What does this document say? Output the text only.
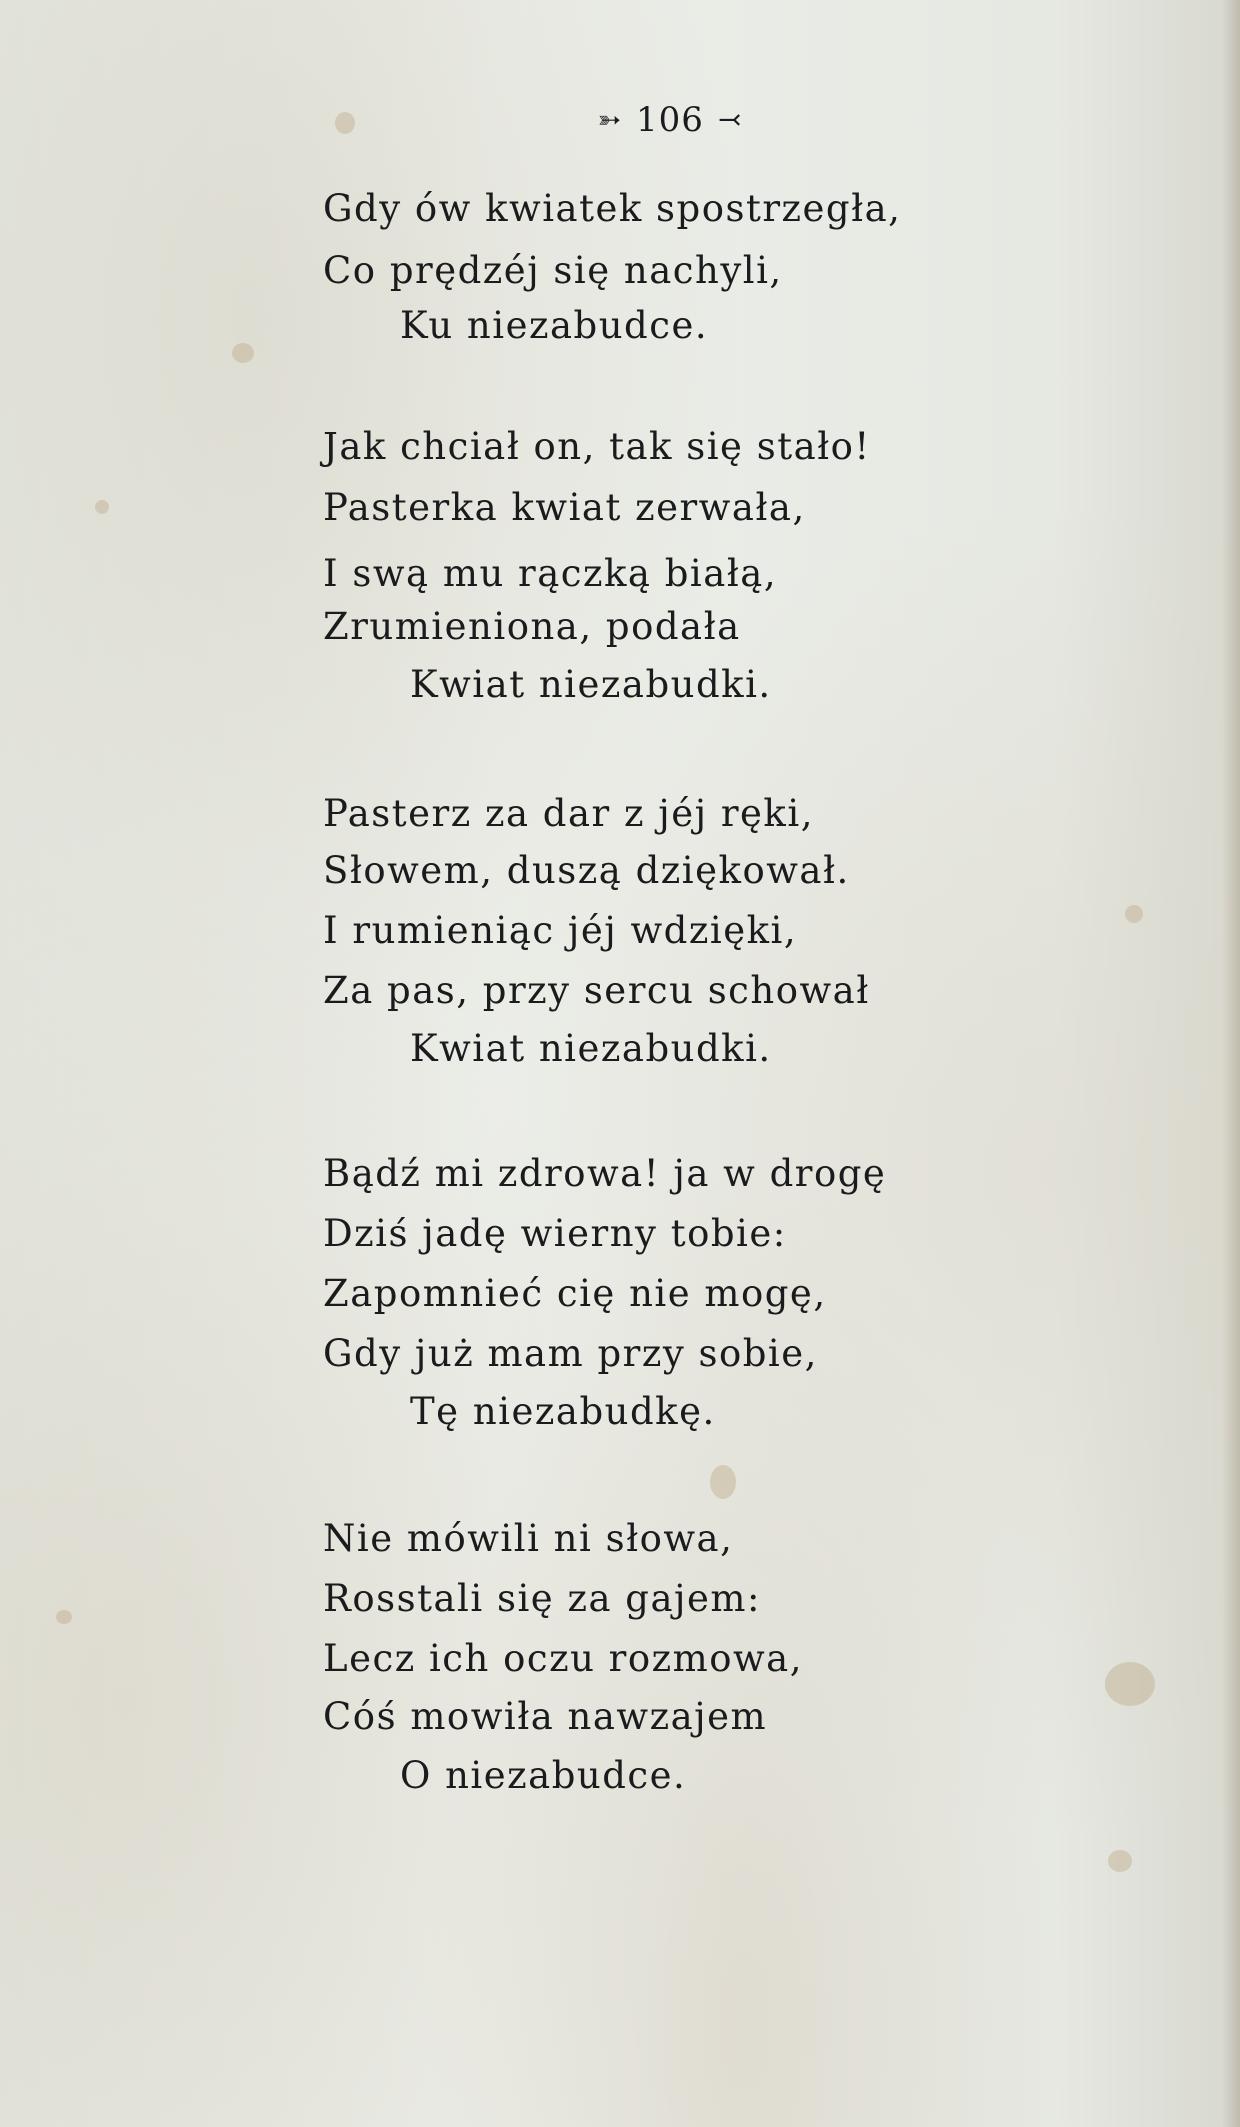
➳ 106 ⤙
Gdy ów kwiatek spostrzegła,
Co prędzéj się nachyli,
Ku niezabudce.
Jak chciał on, tak się stało!
Pasterka kwiat zerwała,
I swą mu rączką białą,
Zrumieniona, podała
Kwiat niezabudki.
Pasterz za dar z jéj ręki,
Słowem, duszą dziękował.
I rumieniąc jéj wdzięki,
Za pas, przy sercu schował
Kwiat niezabudki.
Bądź mi zdrowa! ja w drogę
Dziś jadę wierny tobie:
Zapomnieć cię nie mogę,
Gdy już mam przy sobie,
Tę niezabudkę.
Nie mówili ni słowa,
Rosstali się za gajem:
Lecz ich oczu rozmowa,
Cóś mowiła nawzajem
O niezabudce.
